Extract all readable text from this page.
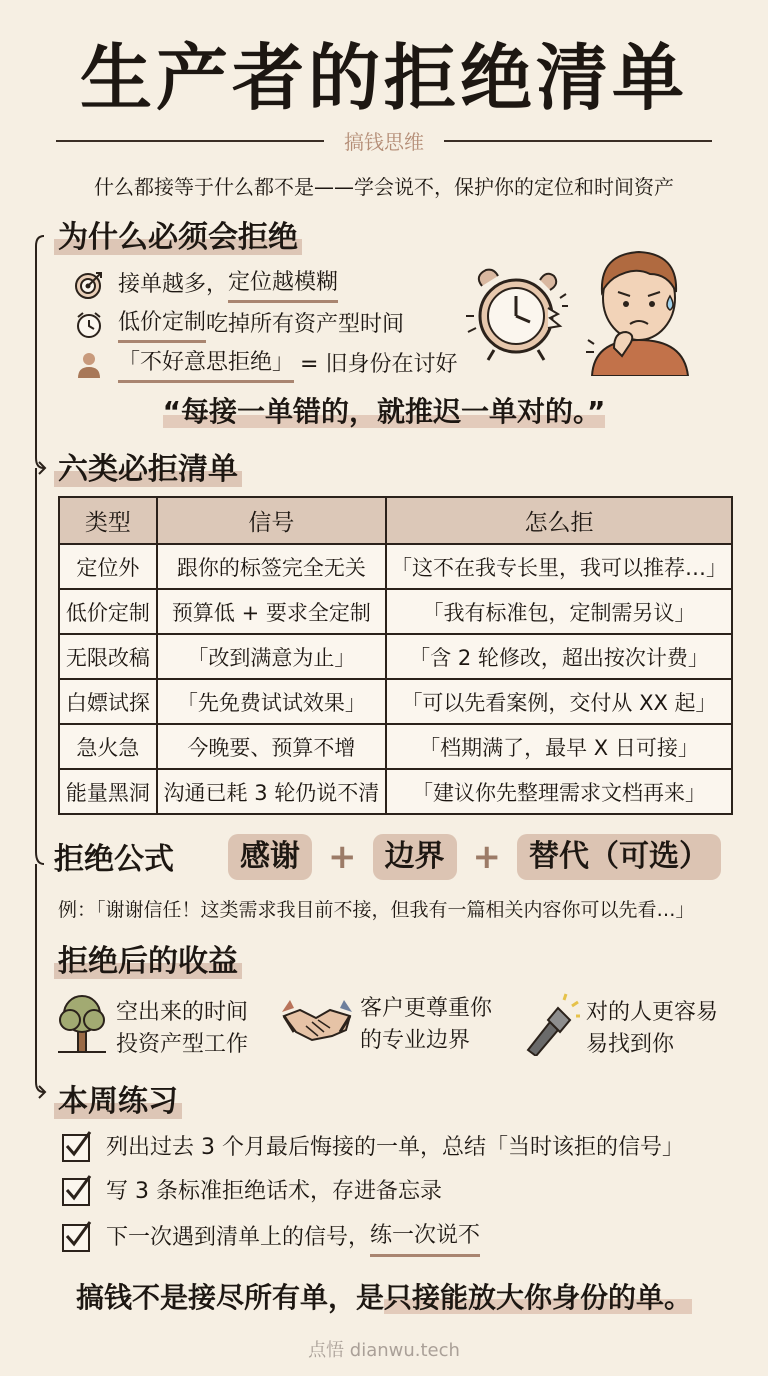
生产者的拒绝清单
搞钱思维
什么都接等于什么都不是——学会说不，保护你的定位和时间资产
为什么必须会拒绝
接单越多， 定位越模糊
低价定制 吃掉所有资产型时间
「不好意思拒绝」 = 旧身份在讨好
“每接一单错的，就推迟一单对的。”
六类必拒清单
类型	信号	怎么拒
定位外	跟你的标签完全无关	「这不在我专长里，我可以推荐…」
低价定制	预算低 + 要求全定制	「我有标准包，定制需另议」
无限改稿	「改到满意为止」	「含 2 轮修改，超出按次计费」
白嫖试探	「先免费试试效果」	「可以先看案例，交付从 XX 起」
急火急	今晚要、预算不增	「档期满了，最早 X 日可接」
能量黑洞	沟通已耗 3 轮仍说不清	「建议你先整理需求文档再来」
拒绝公式	感谢 + 边界 + 替代（可选）
例：「谢谢信任！这类需求我目前不接，但我有一篇相关内容你可以先看…」
拒绝后的收益
空出来的时间
投资产型工作
客户更尊重你
的专业边界
对的人更容易
易找到你
本周练习
列出过去 3 个月最后悔接的一单，总结「当时该拒的信号」
写 3 条标准拒绝话术，存进备忘录
下一次遇到清单上的信号， 练一次说不
搞钱不是接尽所有单，是只接能放大你身份的单。
点悟 dianwu.tech
